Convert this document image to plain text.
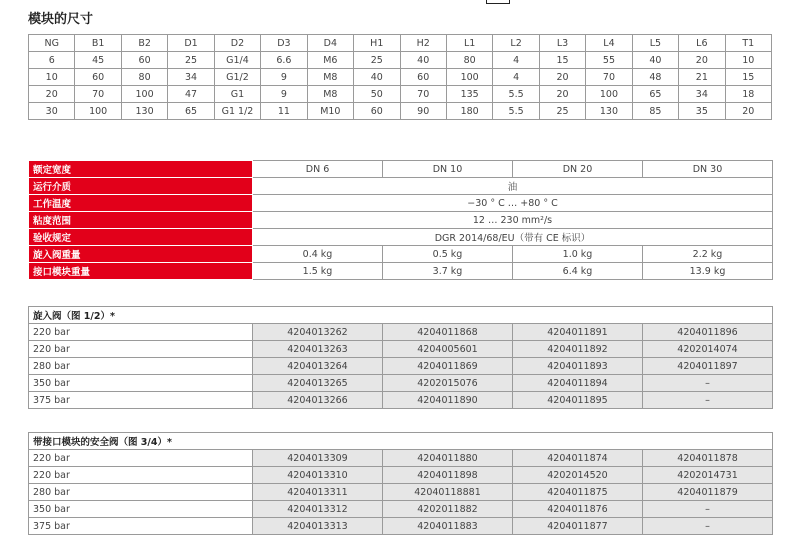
模块的尺寸
NG	B1	B2	D1	D2	D3	D4	H1	H2	L1	L2	L3	L4	L5	L6	T1
6	45	60	25	G1/4	6.6	M6	25	40	80	4	15	55	40	20	10
10	60	80	34	G1/2	9	M8	40	60	100	4	20	70	48	21	15
20	70	100	47	G1	9	M8	50	70	135	5.5	20	100	65	34	18
30	100	130	65	G1 1/2	11	M10	60	90	180	5.5	25	130	85	35	20
额定宽度	DN 6	DN 10	DN 20	DN 30
运行介质	油			
工作温度	−30 ° C … +80 ° C			
粘度范围	12 … 230 mm²/s			
验收规定	DGR 2014/68/EU（带有 CE 标识）			
旋入阀重量	0.4 kg	0.5 kg	1.0 kg	2.2 kg
接口模块重量	1.5 kg	3.7 kg	6.4 kg	13.9 kg
旋入阀（图 1/2）*				
220 bar	4204013262	4204011868	4204011891	4204011896
220 bar	4204013263	4204005601	4204011892	4202014074
280 bar	4204013264	4204011869	4204011893	4204011897
350 bar	4204013265	4202015076	4204011894	–
375 bar	4204013266	4204011890	4204011895	–
带接口模块的安全阀（图 3/4）*				
220 bar	4204013309	4204011880	4204011874	4204011878
220 bar	4204013310	4204011898	4202014520	4202014731
280 bar	4204013311	42040118881	4204011875	4204011879
350 bar	4204013312	4202011882	4204011876	–
375 bar	4204013313	4204011883	4204011877	–
